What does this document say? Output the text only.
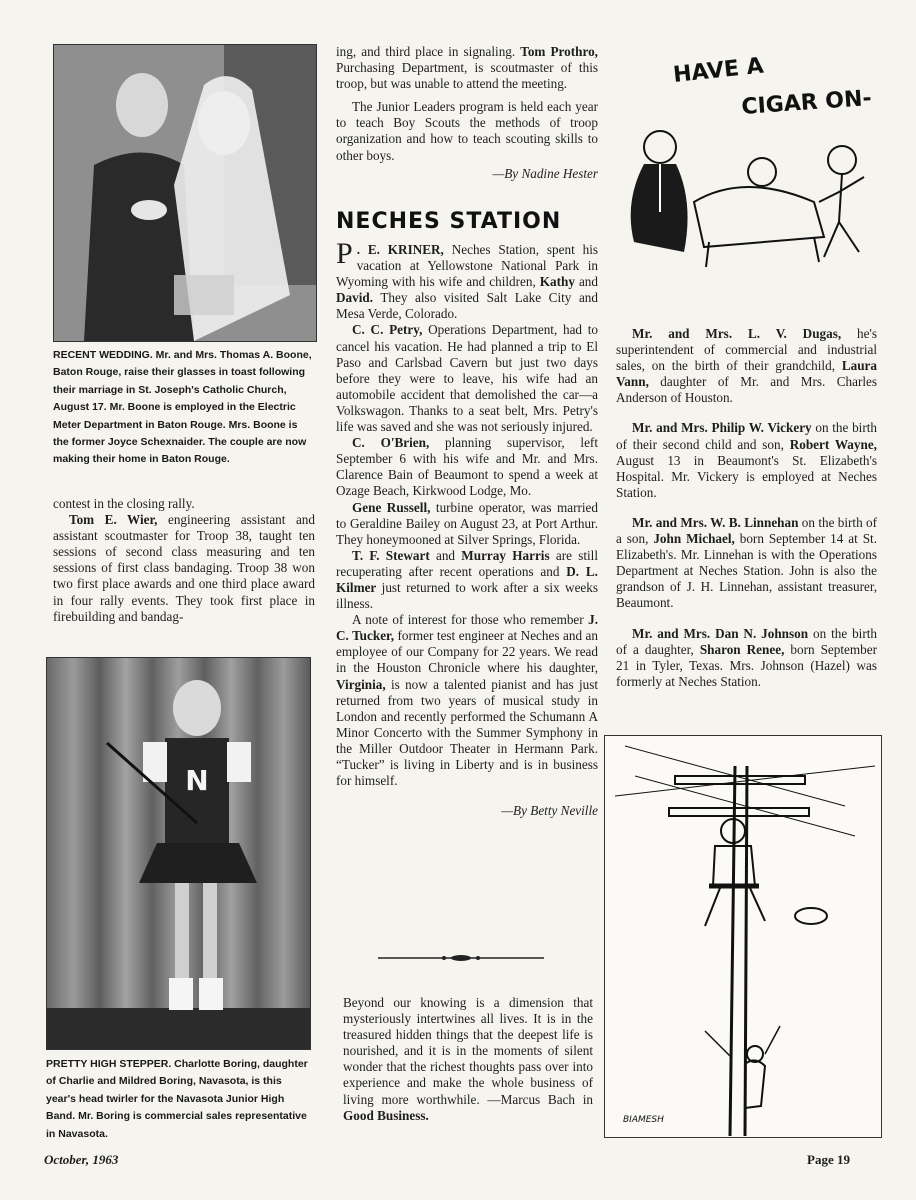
RECENT WEDDING. Mr. and Mrs. Thomas A. Boone, Baton Rouge, raise their glasses in toast following their marriage in St. Joseph's Catholic Church, August 17. Mr. Boone is employed in the Electric Meter Department in Baton Rouge. Mrs. Boone is the former Joyce Schexnaider. The couple are now making their home in Baton Rouge.

contest in the closing rally.

Tom E. Wier, engineering assistant and assistant scoutmaster for Troop 38, taught ten sessions of second class measuring and ten sessions of first class bandaging. Troop 38 won two first place awards and one third place award in four rally events. They took first place in firebuilding and bandag-

N

PRETTY HIGH STEPPER. Charlotte Boring, daughter of Charlie and Mildred Boring, Navasota, is this year's head twirler for the Navasota Junior High Band. Mr. Boring is commercial sales representative in Navasota.

ing, and third place in signaling. Tom Prothro, Purchasing Department, is scoutmaster of this troop, but was unable to attend the meeting.

The Junior Leaders program is held each year to teach Boy Scouts the methods of troop organization and how to teach scouting skills to other boys.

—By Nadine Hester

NECHES STATION

P . E. KRINER, Neches Station, spent his vacation at Yellowstone National Park in Wyoming with his wife and children, Kathy and David. They also visited Salt Lake City and Mesa Verde, Colorado.

C. C. Petry, Operations Department, had to cancel his vacation. He had planned a trip to El Paso and Carlsbad Cavern but just two days before they were to leave, his wife had an automobile accident that demolished the car—a Volkswagon. Thanks to a seat belt, Mrs. Petry's life was saved and she was not seriously injured.

C. O'Brien, planning supervisor, left September 6 with his wife and Mr. and Mrs. Clarence Bain of Beaumont to spend a week at Ozage Beach, Kirkwood Lodge, Mo.

Gene Russell, turbine operator, was married to Geraldine Bailey on August 23, at Port Arthur. They honeymooned at Silver Springs, Florida.

T. F. Stewart and Murray Harris are still recuperating after recent operations and D. L. Kilmer just returned to work after a six weeks illness.

A note of interest for those who remember J. C. Tucker, former test engineer at Neches and an employee of our Company for 22 years. We read in the Houston Chronicle where his daughter, Virginia, is now a talented pianist and has just returned from two years of musical study in London and recently performed the Schumann A Minor Concerto with the Summer Symphony in the Miller Outdoor Theater in Hermann Park. “Tucker” is living in Liberty and is in business for himself.

—By Betty Neville

Beyond our knowing is a dimension that mysteriously intertwines all lives. It is in the treasured hidden things that the deepest life is nourished, and it is in the moments of silent wonder that the richest thoughts pass over into experience and make the whole business of living more worthwhile. —Marcus Bach in Good Business.

HAVE A
CIGAR ON-

Mr. and Mrs. L. V. Dugas, he's superintendent of commercial and industrial sales, on the birth of their grandchild, Laura Vann, daughter of Mr. and Mrs. Charles Anderson of Houston.

Mr. and Mrs. Philip W. Vickery on the birth of their second child and son, Robert Wayne, August 13 in Beaumont's St. Elizabeth's Hospital. Mr. Vickery is employed at Neches Station.

Mr. and Mrs. W. B. Linnehan on the birth of a son, John Michael, born September 14 at St. Elizabeth's. Mr. Linnehan is with the Operations Department at Neches Station. John is also the grandson of J. H. Linnehan, assistant treasurer, Beaumont.

Mr. and Mrs. Dan N. Johnson on the birth of a daughter, Sharon Renee, born September 21 in Tyler, Texas. Mrs. Johnson (Hazel) was formerly at Neches Station.

BIAMESH
October, 1963	Page 19
